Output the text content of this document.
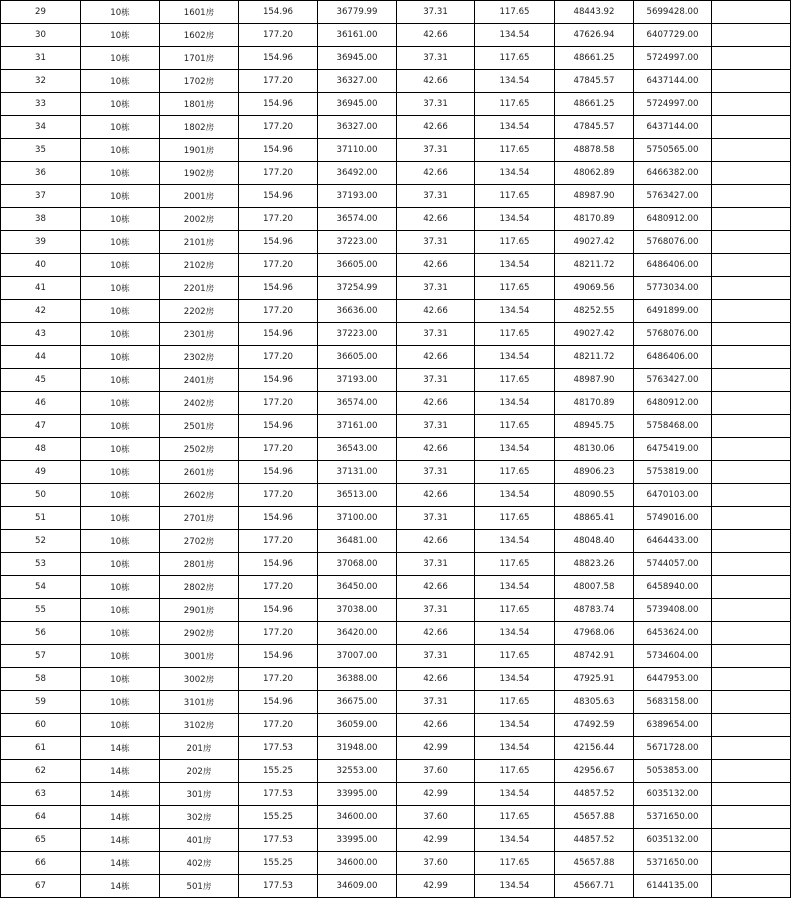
29	10栋	1601房	154.96	36779.99	37.31	117.65	48443.92	5699428.00	
30	10栋	1602房	177.20	36161.00	42.66	134.54	47626.94	6407729.00	
31	10栋	1701房	154.96	36945.00	37.31	117.65	48661.25	5724997.00	
32	10栋	1702房	177.20	36327.00	42.66	134.54	47845.57	6437144.00	
33	10栋	1801房	154.96	36945.00	37.31	117.65	48661.25	5724997.00	
34	10栋	1802房	177.20	36327.00	42.66	134.54	47845.57	6437144.00	
35	10栋	1901房	154.96	37110.00	37.31	117.65	48878.58	5750565.00	
36	10栋	1902房	177.20	36492.00	42.66	134.54	48062.89	6466382.00	
37	10栋	2001房	154.96	37193.00	37.31	117.65	48987.90	5763427.00	
38	10栋	2002房	177.20	36574.00	42.66	134.54	48170.89	6480912.00	
39	10栋	2101房	154.96	37223.00	37.31	117.65	49027.42	5768076.00	
40	10栋	2102房	177.20	36605.00	42.66	134.54	48211.72	6486406.00	
41	10栋	2201房	154.96	37254.99	37.31	117.65	49069.56	5773034.00	
42	10栋	2202房	177.20	36636.00	42.66	134.54	48252.55	6491899.00	
43	10栋	2301房	154.96	37223.00	37.31	117.65	49027.42	5768076.00	
44	10栋	2302房	177.20	36605.00	42.66	134.54	48211.72	6486406.00	
45	10栋	2401房	154.96	37193.00	37.31	117.65	48987.90	5763427.00	
46	10栋	2402房	177.20	36574.00	42.66	134.54	48170.89	6480912.00	
47	10栋	2501房	154.96	37161.00	37.31	117.65	48945.75	5758468.00	
48	10栋	2502房	177.20	36543.00	42.66	134.54	48130.06	6475419.00	
49	10栋	2601房	154.96	37131.00	37.31	117.65	48906.23	5753819.00	
50	10栋	2602房	177.20	36513.00	42.66	134.54	48090.55	6470103.00	
51	10栋	2701房	154.96	37100.00	37.31	117.65	48865.41	5749016.00	
52	10栋	2702房	177.20	36481.00	42.66	134.54	48048.40	6464433.00	
53	10栋	2801房	154.96	37068.00	37.31	117.65	48823.26	5744057.00	
54	10栋	2802房	177.20	36450.00	42.66	134.54	48007.58	6458940.00	
55	10栋	2901房	154.96	37038.00	37.31	117.65	48783.74	5739408.00	
56	10栋	2902房	177.20	36420.00	42.66	134.54	47968.06	6453624.00	
57	10栋	3001房	154.96	37007.00	37.31	117.65	48742.91	5734604.00	
58	10栋	3002房	177.20	36388.00	42.66	134.54	47925.91	6447953.00	
59	10栋	3101房	154.96	36675.00	37.31	117.65	48305.63	5683158.00	
60	10栋	3102房	177.20	36059.00	42.66	134.54	47492.59	6389654.00	
61	14栋	201房	177.53	31948.00	42.99	134.54	42156.44	5671728.00	
62	14栋	202房	155.25	32553.00	37.60	117.65	42956.67	5053853.00	
63	14栋	301房	177.53	33995.00	42.99	134.54	44857.52	6035132.00	
64	14栋	302房	155.25	34600.00	37.60	117.65	45657.88	5371650.00	
65	14栋	401房	177.53	33995.00	42.99	134.54	44857.52	6035132.00	
66	14栋	402房	155.25	34600.00	37.60	117.65	45657.88	5371650.00	
67	14栋	501房	177.53	34609.00	42.99	134.54	45667.71	6144135.00	
